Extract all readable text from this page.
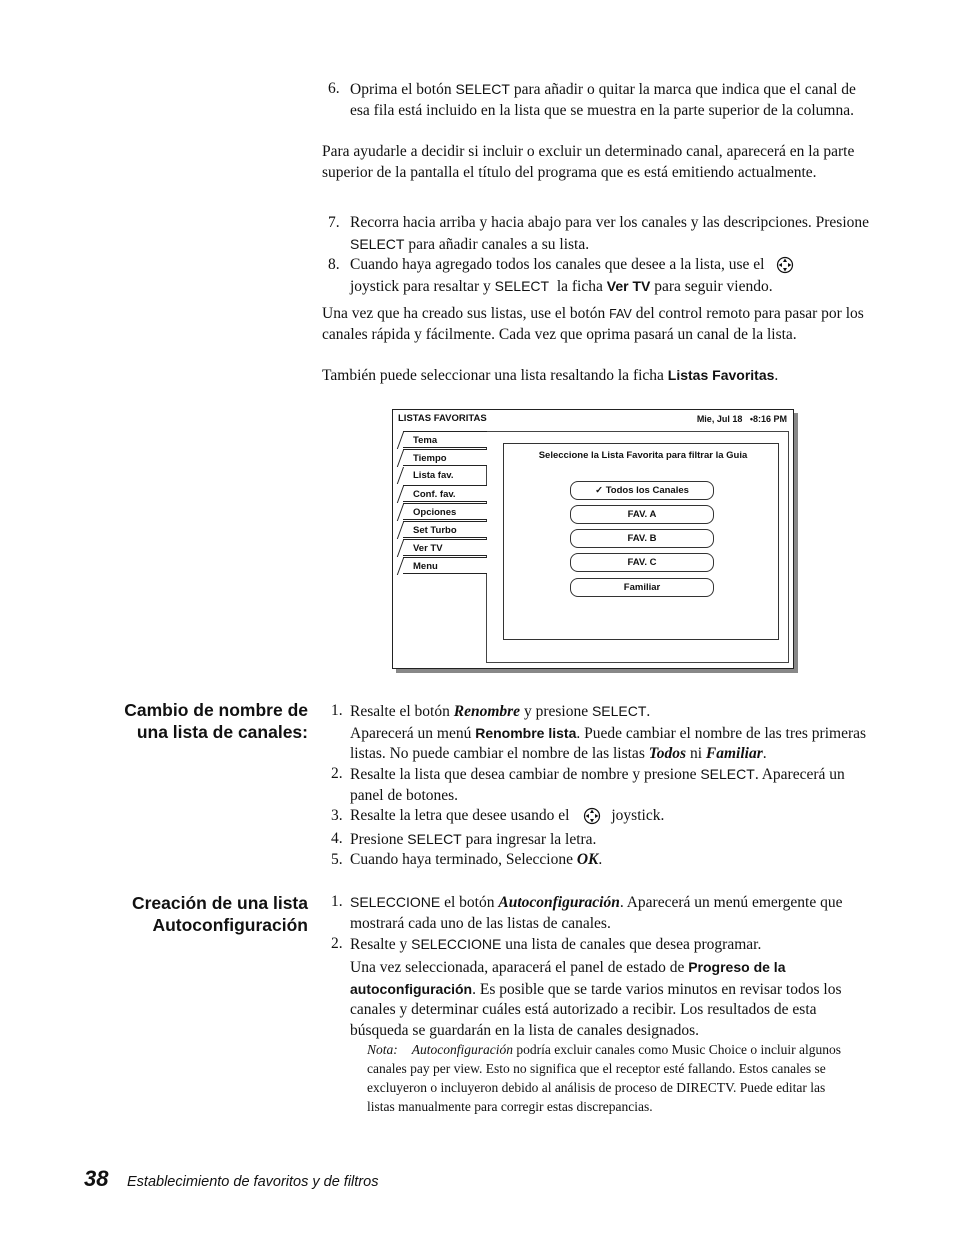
6. Oprima el botón SELECT para añadir o quitar la marca que indica que el canal de esa fila está incluido en la lista que se muestra en la parte superior de la columna.
Para ayudarle a decidir si incluir o excluir un determinado canal, aparecerá en la parte superior de la pantalla el título del programa que es está emitiendo actualmente.
7. Recorra hacia arriba y hacia abajo para ver los canales y las descripciones. Presione SELECT para añadir canales a su lista.
8. Cuando haya agregado todos los canales que desee a la lista, use el
joystick para resaltar y SELECT  la ficha Ver TV para seguir viendo.
Una vez que ha creado sus listas, use el botón FAV del control remoto para pasar por los canales rápida y fácilmente. Cada vez que oprima pasará un canal de la lista.
También puede seleccionar una lista resaltando la ficha Listas Favoritas.
LISTAS FAVORITAS	Mie, Jul 18   •8:16 PM
Tema
Tiempo
Lista fav.
Conf. fav.
Opciones
Set Turbo
Ver TV
Menu
Seleccione la Lista Favorita para filtrar la Guia
✓ Todos los Canales
FAV. A
FAV. B
FAV. C
Familiar
Cambio de nombre de
una lista de canales:
1. Resalte el botón Renombre y presione SELECT.
Aparecerá un menú Renombre lista. Puede cambiar el nombre de las tres primeras listas. No puede cambiar el nombre de las listas Todos ni Familiar.
2. Resalte la lista que desea cambiar de nombre y presione SELECT. Aparecerá un panel de botones.
3. Resalte la letra que desee usando el	joystick.
4. Presione SELECT para ingresar la letra.
5. Cuando haya terminado, Seleccione OK.
Creación de una lista
Autoconfiguración
1. SELECCIONE el botón Autoconfiguración. Aparecerá un menú emergente que mostrará cada uno de las listas de canales.
2. Resalte y SELECCIONE una lista de canales que desea programar.
Una vez seleccionada, aparacerá el panel de estado de Progreso de la autoconfiguración. Es posible que se tarde varios minutos en revisar todos los canales y determinar cuáles está autorizado a recibir. Los resultados de esta búsqueda se guardarán en la lista de canales designados.
Nota: Autoconfiguración podría excluir canales como Music Choice o incluir algunos canales pay per view. Esto no significa que el receptor esté fallando. Estos canales se excluyeron o incluyeron debido al análisis de proceso de DIRECTV. Puede editar las listas manualmente para corregir estas discrepancias.
38 Establecimiento de favoritos y de filtros
